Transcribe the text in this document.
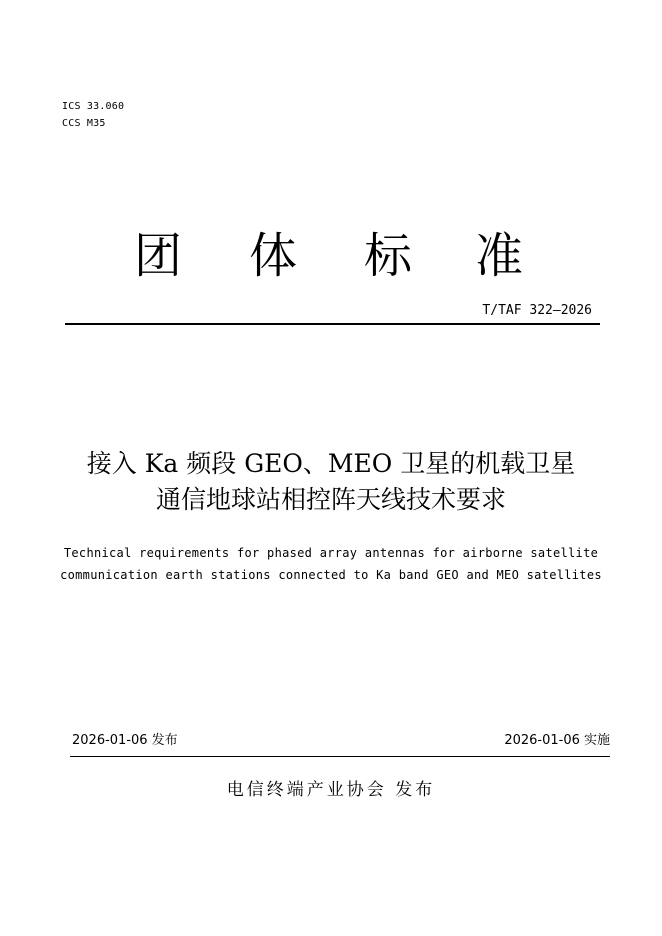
ICS 33.060
CCS M35
团 体 标 准
T/TAF 322—2026
接入 Ka 频段 GEO、MEO 卫星的机载卫星
通信地球站相控阵天线技术要求
Technical requirements for phased array antennas for airborne satellite
communication earth stations connected to Ka band GEO and MEO satellites
2026-01-06 发布	2026-01-06 实施
电信终端产业协会 发布
